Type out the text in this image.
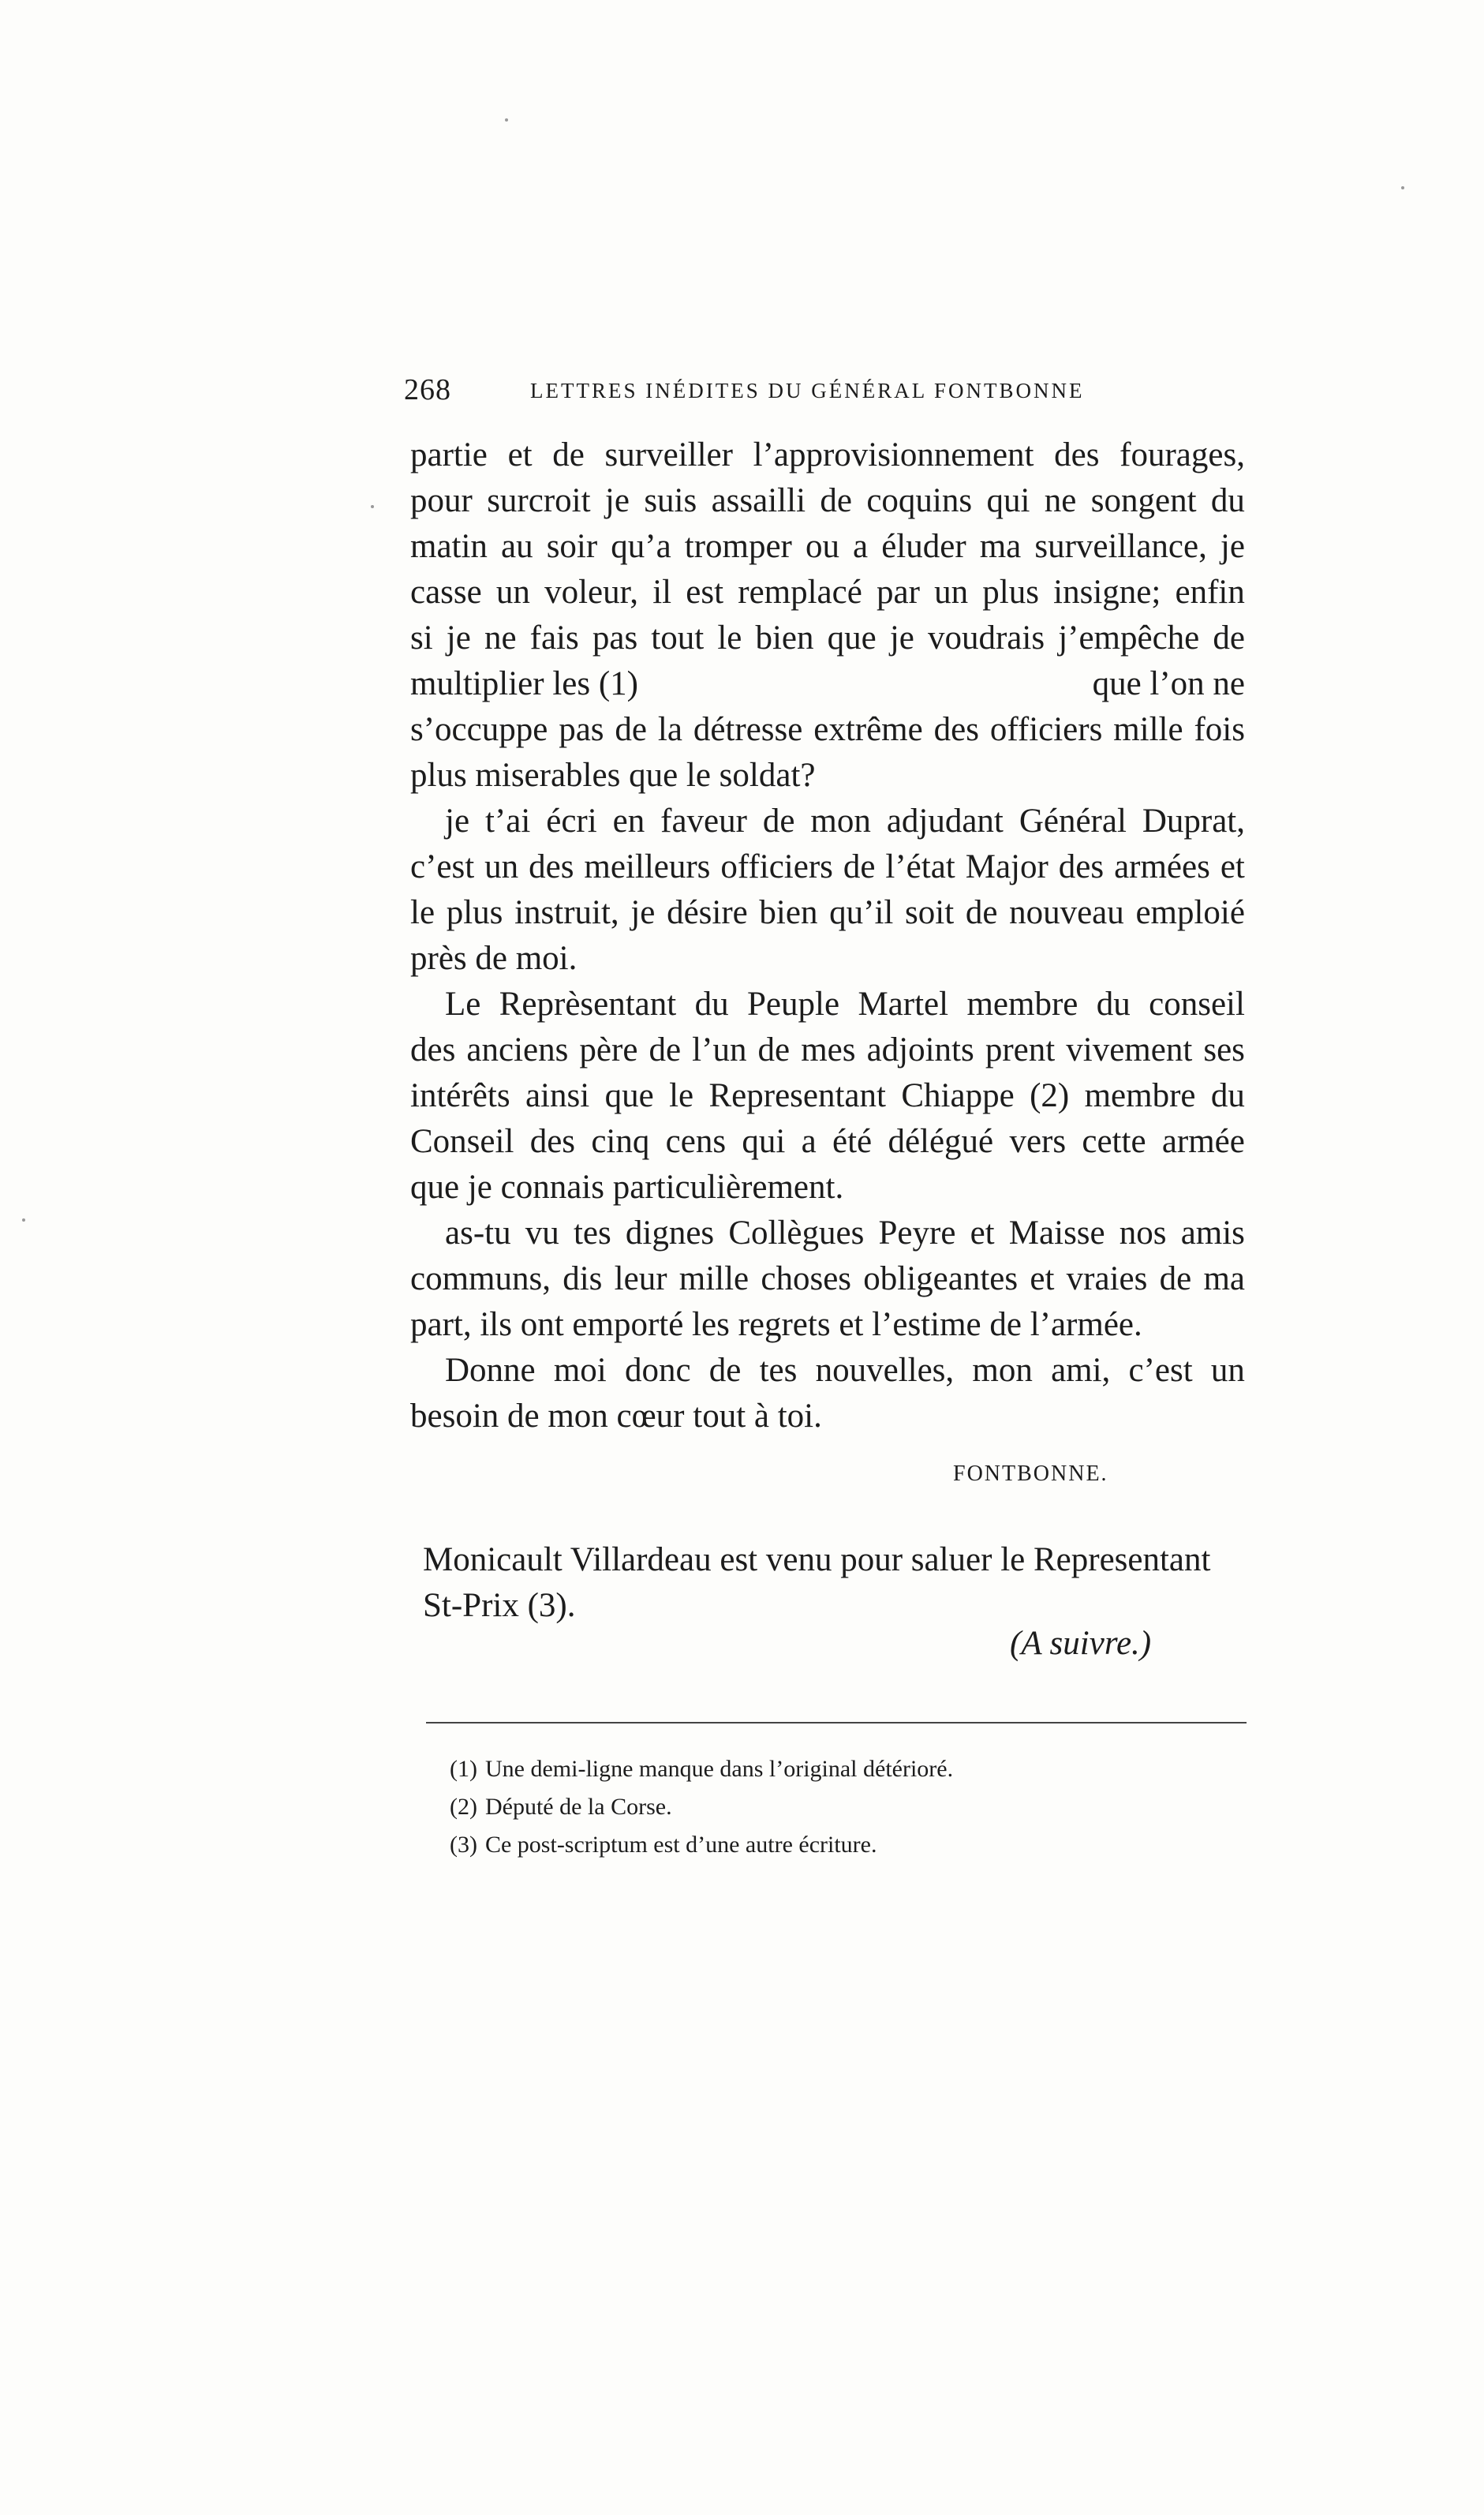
268	LETTRES INÉDITES DU GÉNÉRAL FONTBONNE
partie et de surveiller l’approvisionnement des fourages,
pour surcroit je suis assailli de coquins qui ne songent du
matin au soir qu’a tromper ou a éluder ma surveillance, je
casse un voleur, il est remplacé par un plus insigne; enfin
si je ne fais pas tout le bien que je voudrais j’empêche de
multiplier les (1)	que l’on ne
s’occuppe pas de la détresse extrême des officiers mille fois
plus miserables que le soldat?
je t’ai écri en faveur de mon adjudant Général Duprat,
c’est un des meilleurs officiers de l’état Major des armées et
le plus instruit, je désire bien qu’il soit de nouveau emploié
près de moi.
Le Reprèsentant du Peuple Martel membre du conseil
des anciens père de l’un de mes adjoints prent vivement ses
intérêts ainsi que le Representant Chiappe (2) membre du
Conseil des cinq cens qui a été délégué vers cette armée
que je connais particulièrement.
as-tu vu tes dignes Collègues Peyre et Maisse nos amis
communs, dis leur mille choses obligeantes et vraies de ma
part, ils ont emporté les regrets et l’estime de l’armée.
Donne moi donc de tes nouvelles, mon ami, c’est un
besoin de mon cœur tout à toi.
FONTBONNE.
Monicault Villardeau est venu pour saluer le Representant
St-Prix (3).
(A suivre.)
(1) Une demi-ligne manque dans l’original détérioré.
(2) Député de la Corse.
(3) Ce post-scriptum est d’une autre écriture.
